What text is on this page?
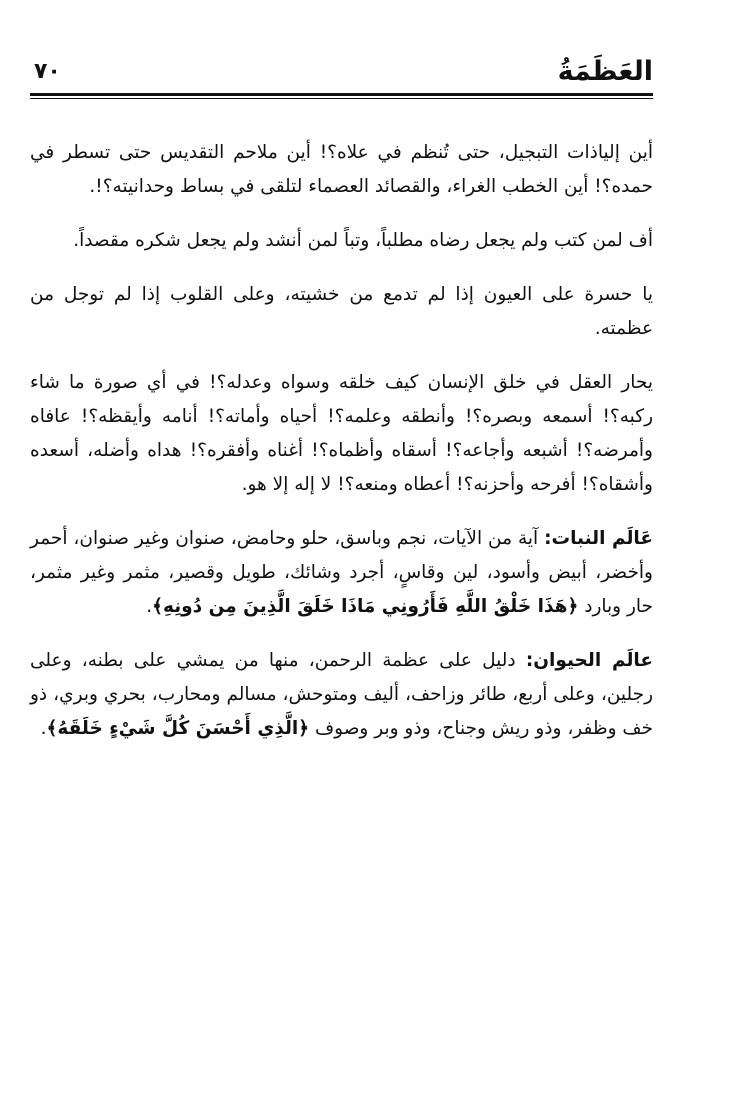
العَظَمَةُ
٧٠

أين إلياذات التبجيل، حتى تُنظم في علاه؟! أين ملاحم التقديس حتى تسطر في حمده؟! أين الخطب الغراء، والقصائد العصماء لتلقى في بساط وحدانيته؟!.

أف لمن كتب ولم يجعل رضاه مطلباً، وتباً لمن أنشد ولم يجعل شكره مقصداً.

يا حسرة على العيون إذا لم تدمع من خشيته، وعلى القلوب إذا لم توجل من عظمته.

يحار العقل في خلق الإنسان كيف خلقه وسواه وعدله؟! في أي صورة ما شاء ركبه؟! أسمعه وبصره؟! وأنطقه وعلمه؟! أحياه وأماته؟! أنامه وأيقظه؟! عافاه وأمرضه؟! أشبعه وأجاعه؟! أسقاه وأظماه؟! أغناه وأفقره؟! هداه وأضله، أسعده وأشقاه؟! أفرحه وأحزنه؟! أعطاه ومنعه؟! لا إله إلا هو.

عَالَم النبات: آية من الآيات، نجم وباسق، حلو وحامض، صنوان وغير صنوان، أحمر وأخضر، أبيض وأسود، لين وقاسٍ، أجرد وشائك، طويل وقصير، مثمر وغير مثمر، حار وبارد ﴿هَذَا خَلْقُ اللَّهِ فَأَرُونِي مَاذَا خَلَقَ الَّذِينَ مِن دُونِهِ﴾.

عالَم الحيوان: دليل على عظمة الرحمن، منها من يمشي على بطنه، وعلى رجلين، وعلى أربع، طائر وزاحف، أليف ومتوحش، مسالم ومحارب، بحري وبري، ذو خف وظفر، وذو ريش وجناح، وذو وبر وصوف ﴿الَّذِي أَحْسَنَ كُلَّ شَيْءٍ خَلَقَهُ﴾.
